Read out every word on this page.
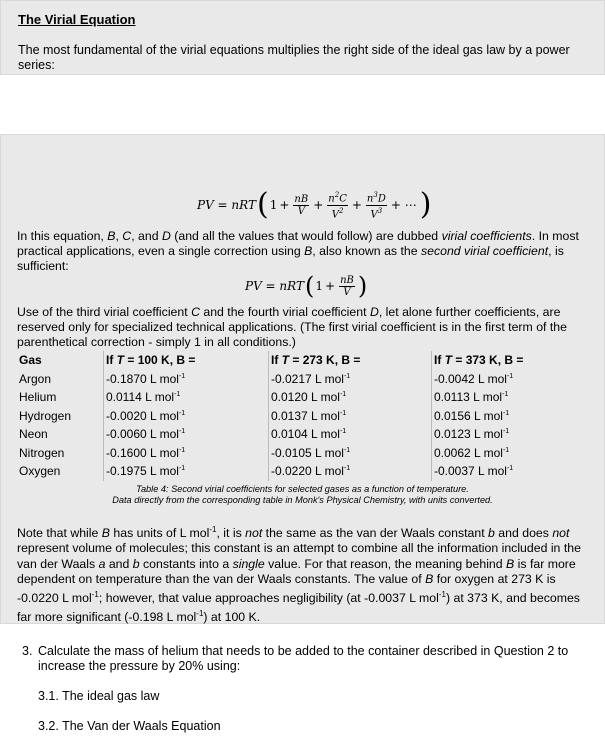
The Virial Equation
The most fundamental of the virial equations multiplies the right side of the ideal gas law by a power series:
PV = nRT ( $1 + \frac{nB}{V} + \frac{n^2C}{V^2} + \frac{n^3D}{V^3}$ + ⋯ )
In this equation, B, C, and D (and all the values that would follow) are dubbed virial coefficients. In most practical applications, even a single correction using B, also known as the second virial coefficient, is sufficient:
PV = nRT ( $1 + \frac{nB}{V}$ )
Use of the third virial coefficient C and the fourth virial coefficient D, let alone further coefficients, are reserved only for specialized technical applications. (The first virial coefficient is in the first term of the parenthetical correction - simply 1 in all conditions.)
Gas	If T = 100 K, B =	If T = 273 K, B =	If T = 373 K, B =
Argon	-0.1870 L mol$^{-1}$	-0.0217 L mol$^{-1}$	-0.0042 L mol$^{-1}$
Helium	0.0114 L mol$^{-1}$	0.0120 L mol$^{-1}$	0.0113 L mol$^{-1}$
Hydrogen	-0.0020 L mol$^{-1}$	0.0137 L mol$^{-1}$	0.0156 L mol$^{-1}$
Neon	-0.0060 L mol$^{-1}$	0.0104 L mol$^{-1}$	0.0123 L mol$^{-1}$
Nitrogen	-0.1600 L mol$^{-1}$	-0.0105 L mol$^{-1}$	0.0062 L mol$^{-1}$
Oxygen	-0.1975 L mol$^{-1}$	-0.0220 L mol$^{-1}$	-0.0037 L mol$^{-1}$
Table 4: Second virial coefficients for selected gases as a function of temperature.
Data directly from the corresponding table in Monk's Physical Chemistry, with units converted.
Note that while B has units of L mol$^{-1}$, it is not the same as the van der Waals constant b and does not represent volume of molecules; this constant is an attempt to combine all the information included in the van der Waals a and b constants into a single value. For that reason, the meaning behind B is far more dependent on temperature than the van der Waals constants. The value of B for oxygen at 273 K is -0.0220 L mol$^{-1}$; however, that value approaches negligibility (at -0.0037 L mol$^{-1}$) at 373 K, and becomes far more significant (-0.198 L mol$^{-1}$) at 100 K.
3. Calculate the mass of helium that needs to be added to the container described in Question 2 to increase the pressure by 20% using:
3.1. The ideal gas law
3.2. The Van der Waals Equation
